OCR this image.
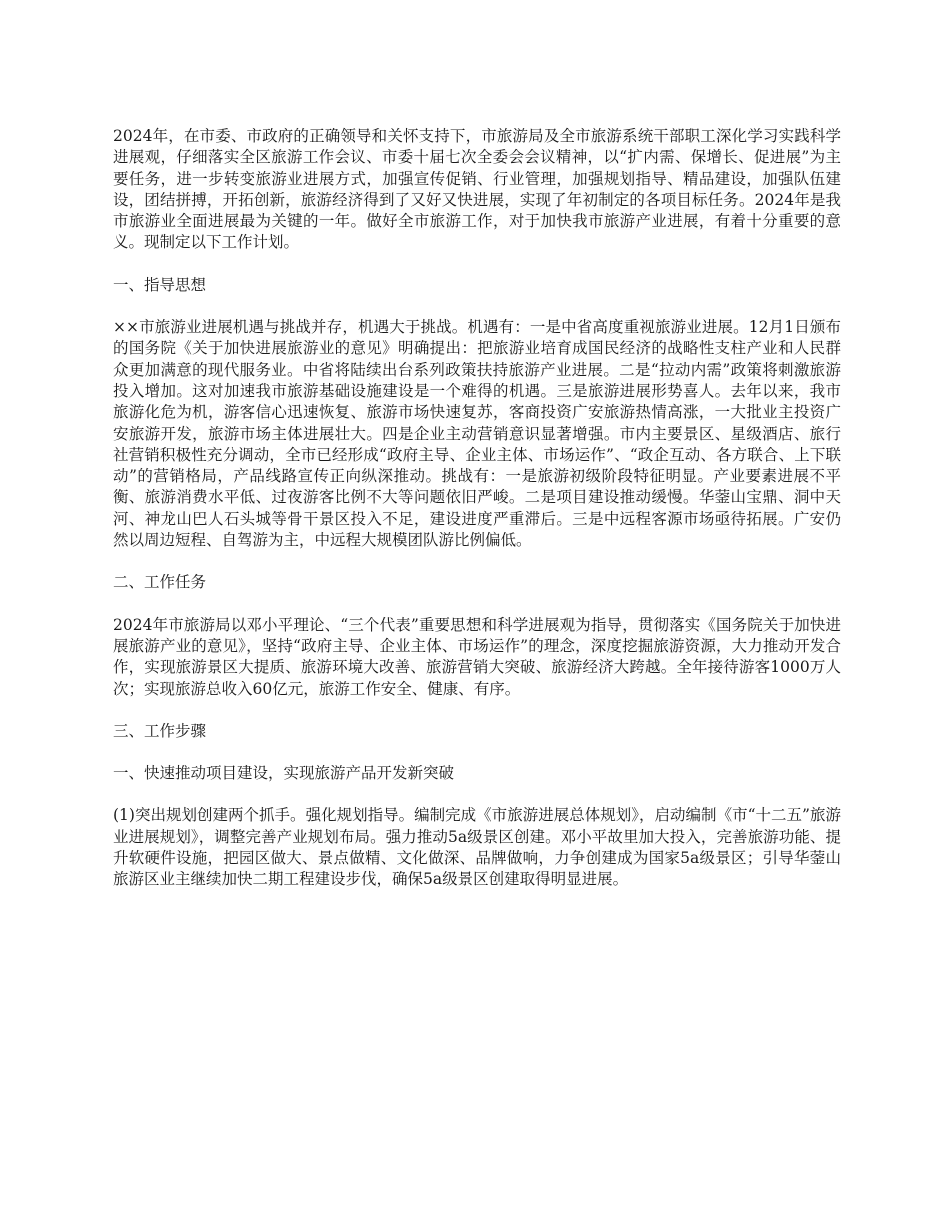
2024年，在市委、市政府的正确领导和关怀支持下，市旅游局及全市旅游系统干部职工深化学习实践科学进展观，仔细落实全区旅游工作会议、市委十届七次全委会会议精神，以“扩内需、保增长、促进展”为主要任务，进一步转变旅游业进展方式，加强宣传促销、行业管理，加强规划指导、精品建设，加强队伍建设，团结拼搏，开拓创新，旅游经济得到了又好又快进展，实现了年初制定的各项目标任务。2024年是我市旅游业全面进展最为关键的一年。做好全市旅游工作，对于加快我市旅游产业进展，有着十分重要的意义。现制定以下工作计划。

一、指导思想

××市旅游业进展机遇与挑战并存，机遇大于挑战。机遇有：一是中省高度重视旅游业进展。12月1日颁布的国务院《关于加快进展旅游业的意见》明确提出：把旅游业培育成国民经济的战略性支柱产业和人民群众更加满意的现代服务业。中省将陆续出台系列政策扶持旅游产业进展。二是“拉动内需”政策将刺激旅游投入增加。这对加速我市旅游基础设施建设是一个难得的机遇。三是旅游进展形势喜人。去年以来，我市旅游化危为机，游客信心迅速恢复、旅游市场快速复苏，客商投资广安旅游热情高涨，一大批业主投资广安旅游开发，旅游市场主体进展壮大。四是企业主动营销意识显著增强。市内主要景区、星级酒店、旅行社营销积极性充分调动，全市已经形成“政府主导、企业主体、市场运作”、“政企互动、各方联合、上下联动”的营销格局，产品线路宣传正向纵深推动。挑战有：一是旅游初级阶段特征明显。产业要素进展不平衡、旅游消费水平低、过夜游客比例不大等问题依旧严峻。二是项目建设推动缓慢。华蓥山宝鼎、洞中天河、神龙山巴人石头城等骨干景区投入不足，建设进度严重滞后。三是中远程客源市场亟待拓展。广安仍然以周边短程、自驾游为主，中远程大规模团队游比例偏低。

二、工作任务

2024年市旅游局以邓小平理论、“三个代表”重要思想和科学进展观为指导，贯彻落实《国务院关于加快进展旅游产业的意见》，坚持“政府主导、企业主体、市场运作”的理念，深度挖掘旅游资源，大力推动开发合作，实现旅游景区大提质、旅游环境大改善、旅游营销大突破、旅游经济大跨越。全年接待游客1000万人次；实现旅游总收入60亿元，旅游工作安全、健康、有序。

三、工作步骤
一、快速推动项目建设，实现旅游产品开发新突破

(1)突出规划创建两个抓手。强化规划指导。编制完成《市旅游进展总体规划》，启动编制《市“十二五”旅游业进展规划》，调整完善产业规划布局。强力推动5a级景区创建。邓小平故里加大投入，完善旅游功能、提升软硬件设施，把园区做大、景点做精、文化做深、品牌做响，力争创建成为国家5a级景区；引导华蓥山旅游区业主继续加快二期工程建设步伐，确保5a级景区创建取得明显进展。
